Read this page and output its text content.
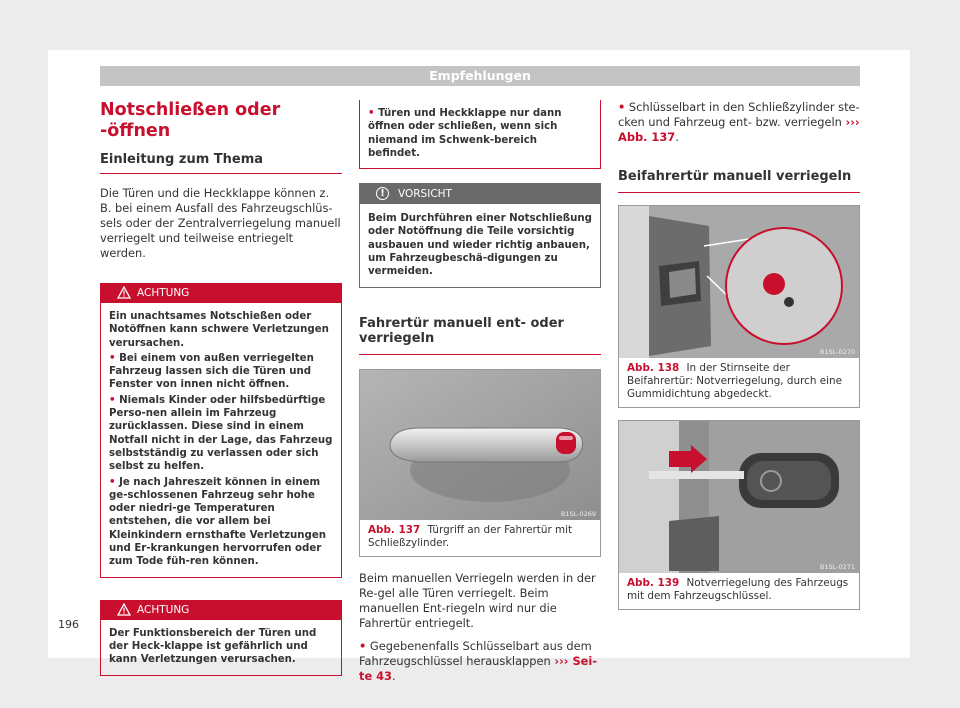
Empfehlungen
Notschließen oder -öffnen
Einleitung zum Thema

Die Türen und die Heckklappe können z. B. bei einem Ausfall des Fahrzeugschlüs-sels oder der Zentralverriegelung manuell verriegelt und teilweise entriegelt werden.

ACHTUNG
Ein unachtsames Notschießen oder Notöffnen kann schwere Verletzungen verursachen.
• Bei einem von außen verriegelten Fahrzeug lassen sich die Türen und Fenster von innen nicht öffnen.
• Niemals Kinder oder hilfsbedürftige Perso-nen allein im Fahrzeug zurücklassen. Diese sind in einem Notfall nicht in der Lage, das Fahrzeug selbstständig zu verlassen oder sich selbst zu helfen.
• Je nach Jahreszeit können in einem ge-schlossenen Fahrzeug sehr hohe oder niedri-ge Temperaturen entstehen, die vor allem bei Kleinkindern ernsthafte Verletzungen und Er-krankungen hervorrufen oder zum Tode füh-ren können.
ACHTUNG
Der Funktionsbereich der Türen und der Heck-klappe ist gefährlich und kann Verletzungen verursachen.
• Türen und Heckklappe nur dann öffnen oder schließen, wenn sich niemand im Schwenk-bereich befindet.
!	VORSICHT
Beim Durchführen einer Notschließung oder Notöffnung die Teile vorsichtig ausbauen und wieder richtig anbauen, um Fahrzeugbeschä-digungen zu vermeiden.
Fahrertür manuell ent- oder verriegeln
B1SL-0269
Abb. 137 Türgriff an der Fahrertür mit Schließzylinder.

Beim manuellen Verriegeln werden in der Re-gel alle Türen verriegelt. Beim manuellen Ent-riegeln wird nur die Fahrertür entriegelt.

• Gegebenenfalls Schlüsselbart aus dem Fahrzeugschlüssel herausklappen ››› Sei-te 43.

• Schlüsselbart in den Schließzylinder ste-cken und Fahrzeug ent- bzw. verriegeln ››› Abb. 137.

Beifahrertür manuell verriegeln
B1SL-0270
Abb. 138 In der Stirnseite der Beifahrertür: Notverriegelung, durch eine Gummidichtung abgedeckt.
B1SL-0271
Abb. 139 Notverriegelung des Fahrzeugs mit dem Fahrzeugschlüssel.
196
